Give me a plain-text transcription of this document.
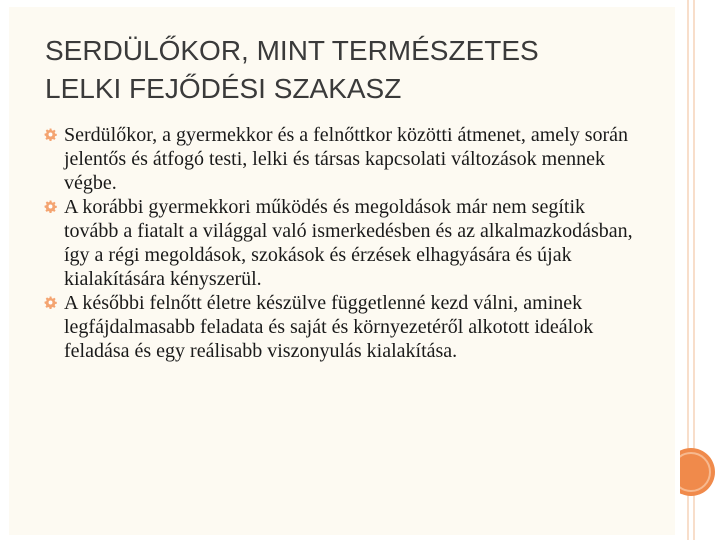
SERDÜLŐKOR, MINT TERMÉSZETES
LELKI FEJŐDÉSI SZAKASZ
Serdülőkor, a gyermekkor és a felnőttkor közötti átmenet, amely során jelentős és átfogó testi, lelki és társas kapcsolati változások mennek végbe.
A korábbi gyermekkori működés és megoldások már nem segítik tovább a fiatalt a világgal való ismerkedésben és az alkalmazkodásban, így a régi megoldások, szokások és érzések elhagyására és újak kialakítására kényszerül.
A későbbi felnőtt életre készülve függetlenné kezd válni, aminek legfájdalmasabb feladata és saját és környezetéről alkotott ideálok feladása és egy reálisabb viszonyulás kialakítása.
